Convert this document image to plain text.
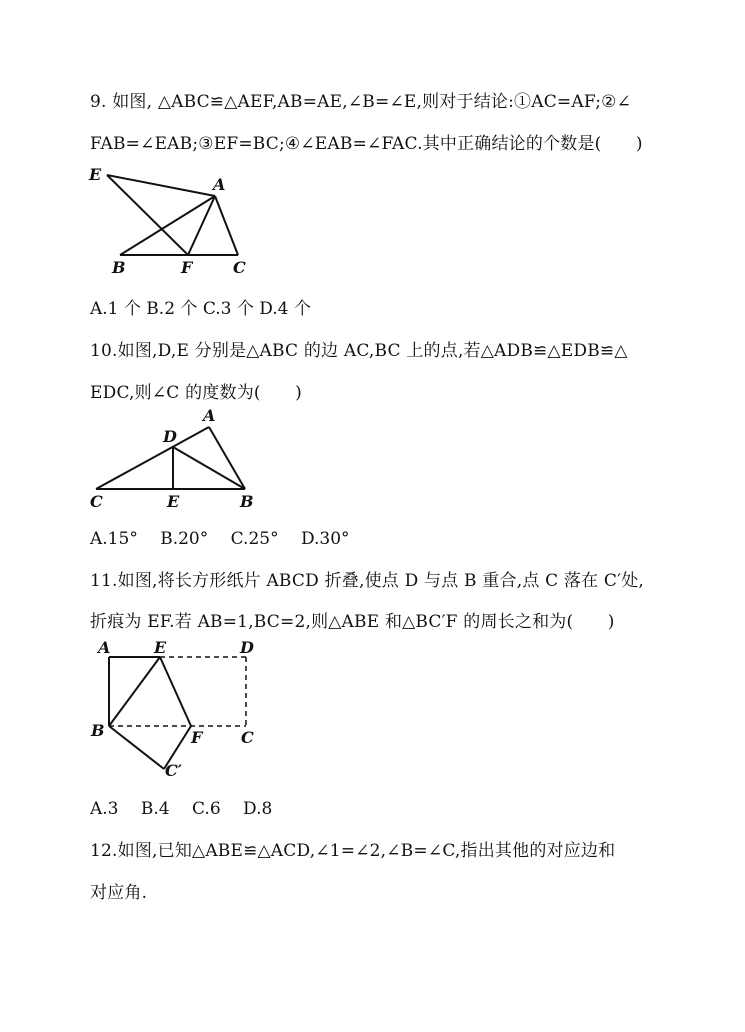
9. 如图, △ABC≌△AEF,AB=AE,∠B=∠E,则对于结论:①AC=AF;②∠
FAB=∠EAB;③EF=BC;④∠EAB=∠FAC.其中正确结论的个数是(　　)
E
A
B	F	C
A.1 个 B.2 个 C.3 个 D.4 个
10.如图,D,E 分别是△ABC 的边 AC,BC 上的点,若△ADB≌△EDB≌△
EDC,则∠C 的度数为(　　)
A
D
C	E	B
A.15°　 B.20°　 C.25°　 D.30°
11.如图,将长方形纸片 ABCD 折叠,使点 D 与点 B 重合,点 C 落在 C′处,
折痕为 EF.若 AB=1,BC=2,则△ABE 和△BC′F 的周长之和为(　　)
A	E	D
B	F C
C′
A.3　 B.4　 C.6　 D.8
12.如图,已知△ABE≌△ACD,∠1=∠2,∠B=∠C,指出其他的对应边和
对应角.
